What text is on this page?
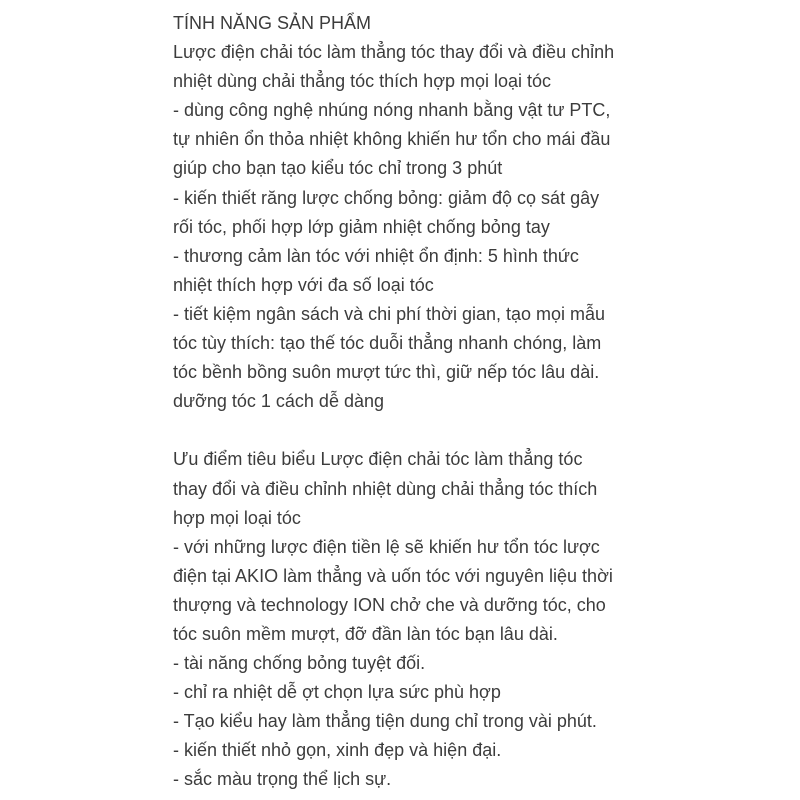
TÍNH NĂNG SẢN PHẨM
Lược điện chải tóc làm thẳng tóc thay đổi và điều chỉnh
nhiệt dùng chải thẳng tóc thích hợp mọi loại tóc
- dùng công nghệ nhúng nóng nhanh bằng vật tư PTC,
tự nhiên ổn thỏa nhiệt không khiến hư tổn cho mái đầu
giúp cho bạn tạo kiểu tóc chỉ trong 3 phút
- kiến thiết răng lược chống bỏng: giảm độ cọ sát gây
rối tóc, phối hợp lớp giảm nhiệt chống bỏng tay
- thương cảm làn tóc với nhiệt ổn định: 5 hình thức
nhiệt thích hợp với đa số loại tóc
- tiết kiệm ngân sách và chi phí thời gian, tạo mọi mẫu
tóc tùy thích: tạo thế tóc duỗi thẳng nhanh chóng, làm
tóc bềnh bồng suôn mượt tức thì, giữ nếp tóc lâu dài.
dưỡng tóc 1 cách dễ dàng
Ưu điểm tiêu biểu Lược điện chải tóc làm thẳng tóc
thay đổi và điều chỉnh nhiệt dùng chải thẳng tóc thích
hợp mọi loại tóc
- với những lược điện tiền lệ sẽ khiến hư tổn tóc lược
điện tại AKIO làm thẳng và uốn tóc với nguyên liệu thời
thượng và technology ION chở che và dưỡng tóc, cho
tóc suôn mềm mượt, đỡ đần làn tóc bạn lâu dài.
- tài năng chống bỏng tuyệt đối.
- chỉ ra nhiệt dễ ợt chọn lựa sức phù hợp
- Tạo kiểu hay làm thẳng tiện dung chỉ trong vài phút.
- kiến thiết nhỏ gọn, xinh đẹp và hiện đại.
- sắc màu trọng thể lịch sự.
